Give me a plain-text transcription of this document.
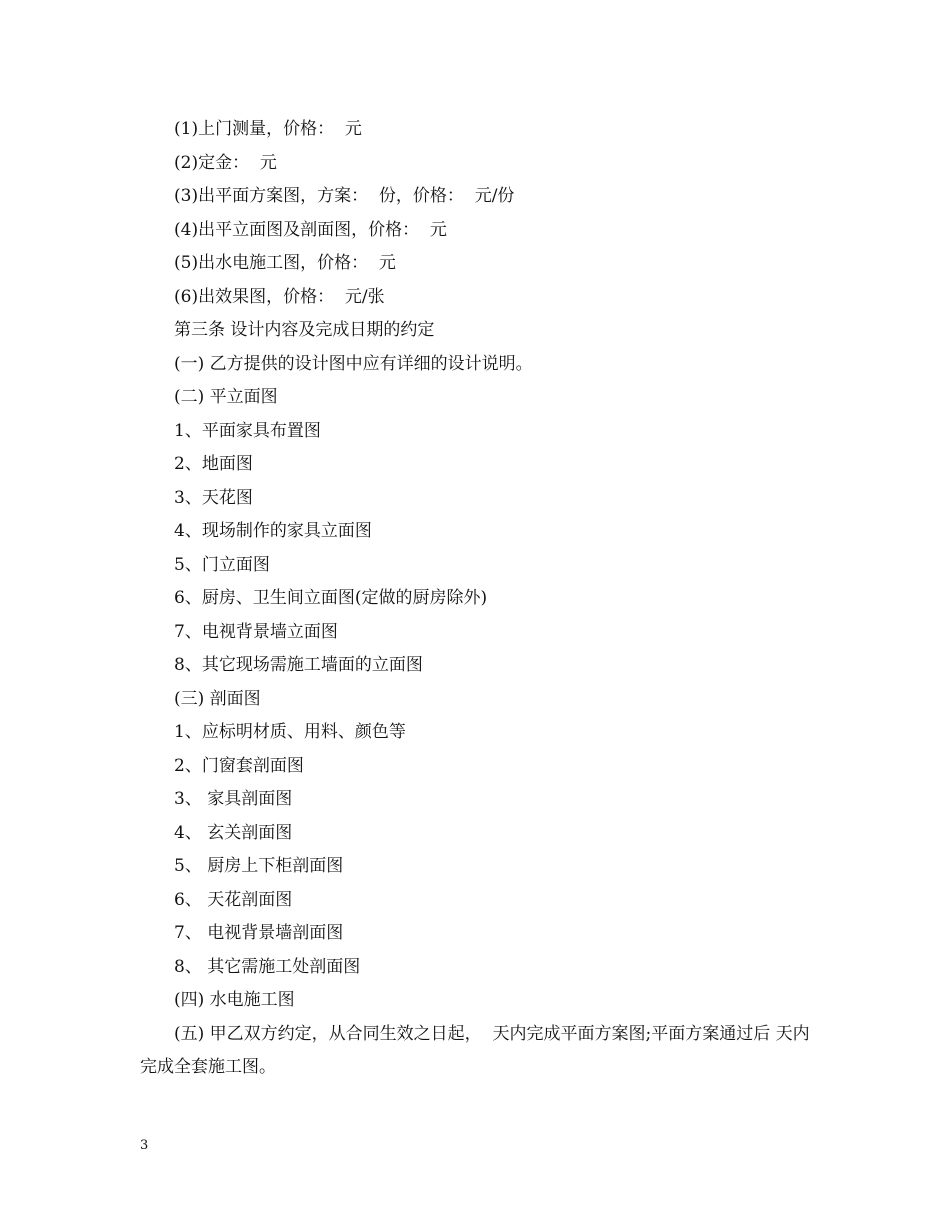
(1)上门测量，价格：  元
(2)定金：  元
(3)出平面方案图，方案：  份，价格：  元/份
(4)出平立面图及剖面图，价格：  元
(5)出水电施工图，价格：  元
(6)出效果图，价格：  元/张
第三条 设计内容及完成日期的约定
(一) 乙方提供的设计图中应有详细的设计说明。
(二) 平立面图
1、平面家具布置图
2、地面图
3、天花图
4、现场制作的家具立面图
5、门立面图
6、厨房、卫生间立面图(定做的厨房除外)
7、电视背景墙立面图
8、其它现场需施工墙面的立面图
(三) 剖面图
1、应标明材质、用料、颜色等
2、门窗套剖面图
3、 家具剖面图
4、 玄关剖面图
5、 厨房上下柜剖面图
6、 天花剖面图
7、 电视背景墙剖面图
8、 其它需施工处剖面图
(四) 水电施工图
(五) 甲乙双方约定，从合同生效之日起，  天内完成平面方案图;平面方案通过后 天内完成全套施工图。
3
